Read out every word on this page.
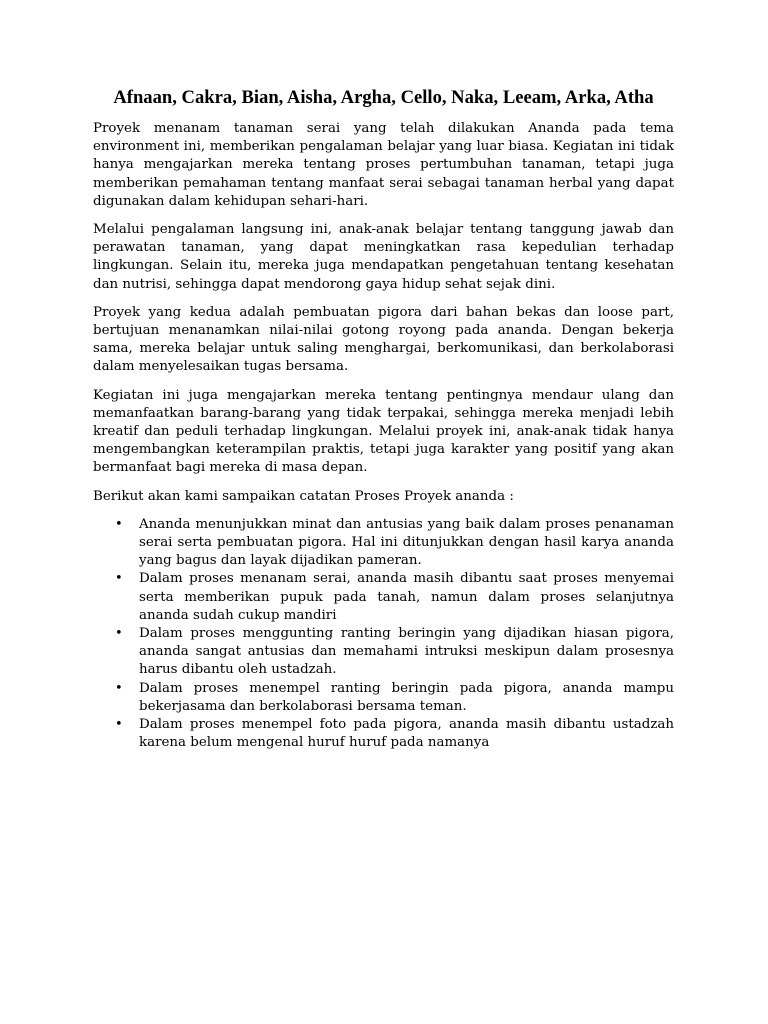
Afnaan, Cakra, Bian, Aisha, Argha, Cello, Naka, Leeam, Arka, Atha

Proyek menanam tanaman serai yang telah dilakukan Ananda pada tema environment ini, memberikan pengalaman belajar yang luar biasa. Kegiatan ini tidak hanya mengajarkan mereka tentang proses pertumbuhan tanaman, tetapi juga memberikan pemahaman tentang manfaat serai sebagai tanaman herbal yang dapat digunakan dalam kehidupan sehari-hari.

Melalui pengalaman langsung ini, anak-anak belajar tentang tanggung jawab dan perawatan tanaman, yang dapat meningkatkan rasa kepedulian terhadap lingkungan. Selain itu, mereka juga mendapatkan pengetahuan tentang kesehatan dan nutrisi, sehingga dapat mendorong gaya hidup sehat sejak dini.

Proyek yang kedua adalah pembuatan pigora dari bahan bekas dan loose part, bertujuan menanamkan nilai-nilai gotong royong pada ananda. Dengan bekerja sama, mereka belajar untuk saling menghargai, berkomunikasi, dan berkolaborasi dalam menyelesaikan tugas bersama.

Kegiatan ini juga mengajarkan mereka tentang pentingnya mendaur ulang dan memanfaatkan barang-barang yang tidak terpakai, sehingga mereka menjadi lebih kreatif dan peduli terhadap lingkungan. Melalui proyek ini, anak-anak tidak hanya mengembangkan keterampilan praktis, tetapi juga karakter yang positif yang akan bermanfaat bagi mereka di masa depan.

Berikut akan kami sampaikan catatan Proses Proyek ananda :

• Ananda menunjukkan minat dan antusias yang baik dalam proses penanaman serai serta pembuatan pigora. Hal ini ditunjukkan dengan hasil karya ananda yang bagus dan layak dijadikan pameran.
• Dalam proses menanam serai, ananda masih dibantu saat proses menyemai serta memberikan pupuk pada tanah, namun dalam proses selanjutnya ananda sudah cukup mandiri
• Dalam proses menggunting ranting beringin yang dijadikan hiasan pigora, ananda sangat antusias dan memahami intruksi meskipun dalam prosesnya harus dibantu oleh ustadzah.
• Dalam proses menempel ranting beringin pada pigora, ananda mampu bekerjasama dan berkolaborasi bersama teman.
• Dalam proses menempel foto pada pigora, ananda masih dibantu ustadzah karena belum mengenal huruf huruf pada namanya
